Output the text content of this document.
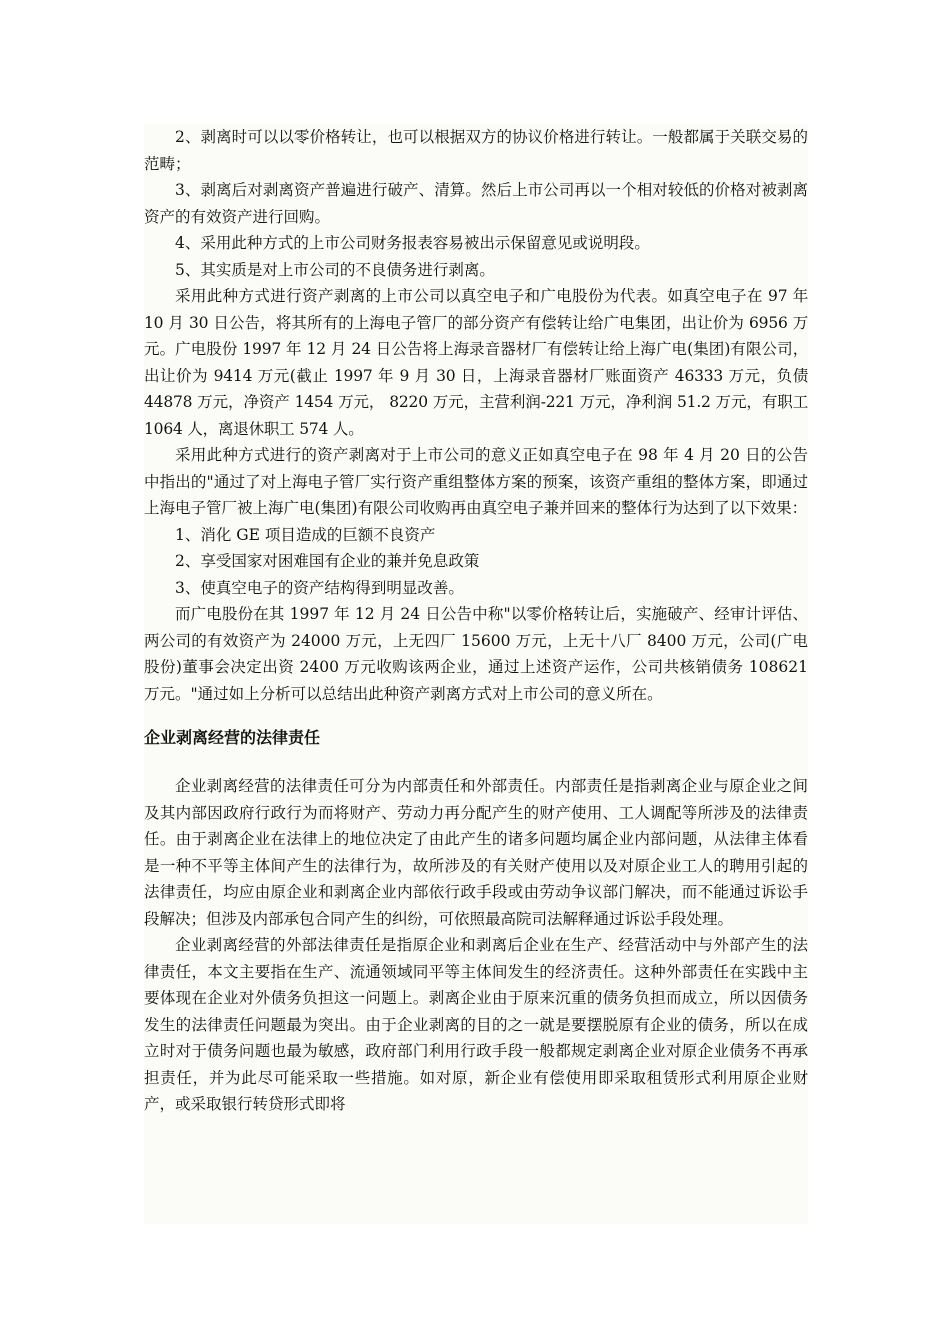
2、剥离时可以以零价格转让，也可以根据双方的协议价格进行转让。一般都属于关联交易的范畴；

3、剥离后对剥离资产普遍进行破产、清算。然后上市公司再以一个相对较低的价格对被剥离资产的有效资产进行回购。

4、采用此种方式的上市公司财务报表容易被出示保留意见或说明段。

5、其实质是对上市公司的不良债务进行剥离。

采用此种方式进行资产剥离的上市公司以真空电子和广电股份为代表。如真空电子在 97 年 10 月 30 日公告，将其所有的上海电子管厂的部分资产有偿转让给广电集团，出让价为 6956 万元。广电股份 1997 年 12 月 24 日公告将上海录音器材厂有偿转让给上海广电(集团)有限公司，出让价为 9414 万元(截止 1997 年 9 月 30 日，上海录音器材厂账面资产 46333 万元，负债 44878 万元，净资产 1454 万元， 8220 万元，主营利润-221 万元，净利润 51.2 万元，有职工 1064 人，离退休职工 574 人。

采用此种方式进行的资产剥离对于上市公司的意义正如真空电子在 98 年 4 月 20 日的公告中指出的"通过了对上海电子管厂实行资产重组整体方案的预案，该资产重组的整体方案，即通过上海电子管厂被上海广电(集团)有限公司收购再由真空电子兼并回来的整体行为达到了以下效果：

1、消化 GE 项目造成的巨额不良资产

2、享受国家对困难国有企业的兼并免息政策

3、使真空电子的资产结构得到明显改善。

而广电股份在其 1997 年 12 月 24 日公告中称"以零价格转让后，实施破产、经审计评估、两公司的有效资产为 24000 万元，上无四厂 15600 万元，上无十八厂 8400 万元，公司(广电股份)董事会决定出资 2400 万元收购该两企业，通过上述资产运作，公司共核销债务 108621 万元。"通过如上分析可以总结出此种资产剥离方式对上市公司的意义所在。

企业剥离经营的法律责任

企业剥离经营的法律责任可分为内部责任和外部责任。内部责任是指剥离企业与原企业之间及其内部因政府行政行为而将财产、劳动力再分配产生的财产使用、工人调配等所涉及的法律责任。由于剥离企业在法律上的地位决定了由此产生的诸多问题均属企业内部问题，从法律主体看是一种不平等主体间产生的法律行为，故所涉及的有关财产使用以及对原企业工人的聘用引起的法律责任，均应由原企业和剥离企业内部依行政手段或由劳动争议部门解决，而不能通过诉讼手段解决；但涉及内部承包合同产生的纠纷，可依照最高院司法解释通过诉讼手段处理。

企业剥离经营的外部法律责任是指原企业和剥离后企业在生产、经营活动中与外部产生的法律责任，本文主要指在生产、流通领域同平等主体间发生的经济责任。这种外部责任在实践中主要体现在企业对外债务负担这一问题上。剥离企业由于原来沉重的债务负担而成立，所以因债务发生的法律责任问题最为突出。由于企业剥离的目的之一就是要摆脱原有企业的债务，所以在成立时对于债务问题也最为敏感，政府部门利用行政手段一般都规定剥离企业对原企业债务不再承担责任，并为此尽可能采取一些措施。如对原，新企业有偿使用即采取租赁形式利用原企业财产，或采取银行转贷形式即将
